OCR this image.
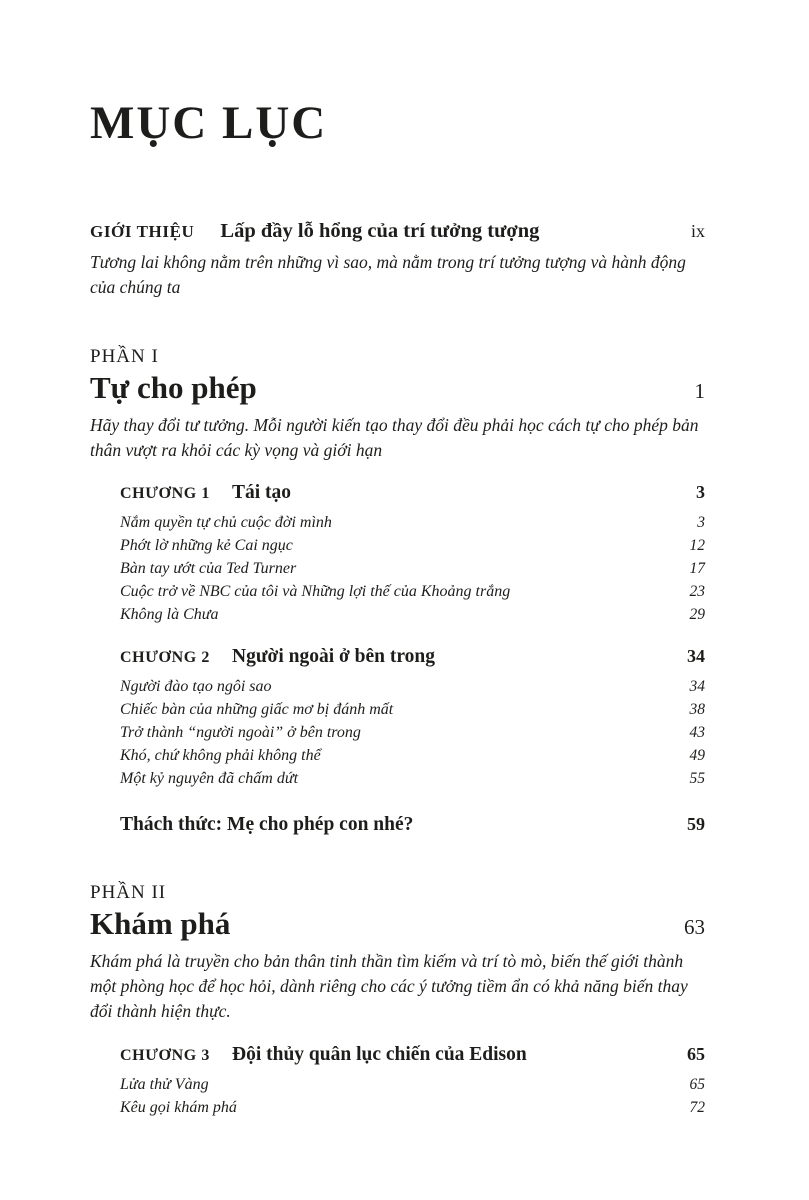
MỤC LỤC
GIỚI THIỆU Lấp đầy lỗ hổng của trí tưởng tượng	ix

Tương lai không nằm trên những vì sao, mà nằm trong trí tưởng tượng và hành động của chúng ta

PHẦN I
Tự cho phép	1

Hãy thay đổi tư tưởng. Mỗi người kiến tạo thay đổi đều phải học cách tự cho phép bản thân vượt ra khỏi các kỳ vọng và giới hạn

CHƯƠNG 1 Tái tạo	3
Nắm quyền tự chủ cuộc đời mình	3
Phớt lờ những kẻ Cai ngục	12
Bàn tay ướt của Ted Turner	17
Cuộc trở về NBC của tôi và Những lợi thế của Khoảng trắng	23
Không là Chưa	29
CHƯƠNG 2 Người ngoài ở bên trong	34
Người đào tạo ngôi sao	34
Chiếc bàn của những giấc mơ bị đánh mất	38
Trở thành “người ngoài” ở bên trong	43
Khó, chứ không phải không thể	49
Một kỷ nguyên đã chấm dứt	55
Thách thức: Mẹ cho phép con nhé?	59
PHẦN II
Khám phá	63

Khám phá là truyền cho bản thân tinh thần tìm kiếm và trí tò mò, biến thế giới thành một phòng học để học hỏi, dành riêng cho các ý tưởng tiềm ẩn có khả năng biến thay đổi thành hiện thực.

CHƯƠNG 3 Đội thủy quân lục chiến của Edison	65
Lửa thử Vàng	65
Kêu gọi khám phá	72
